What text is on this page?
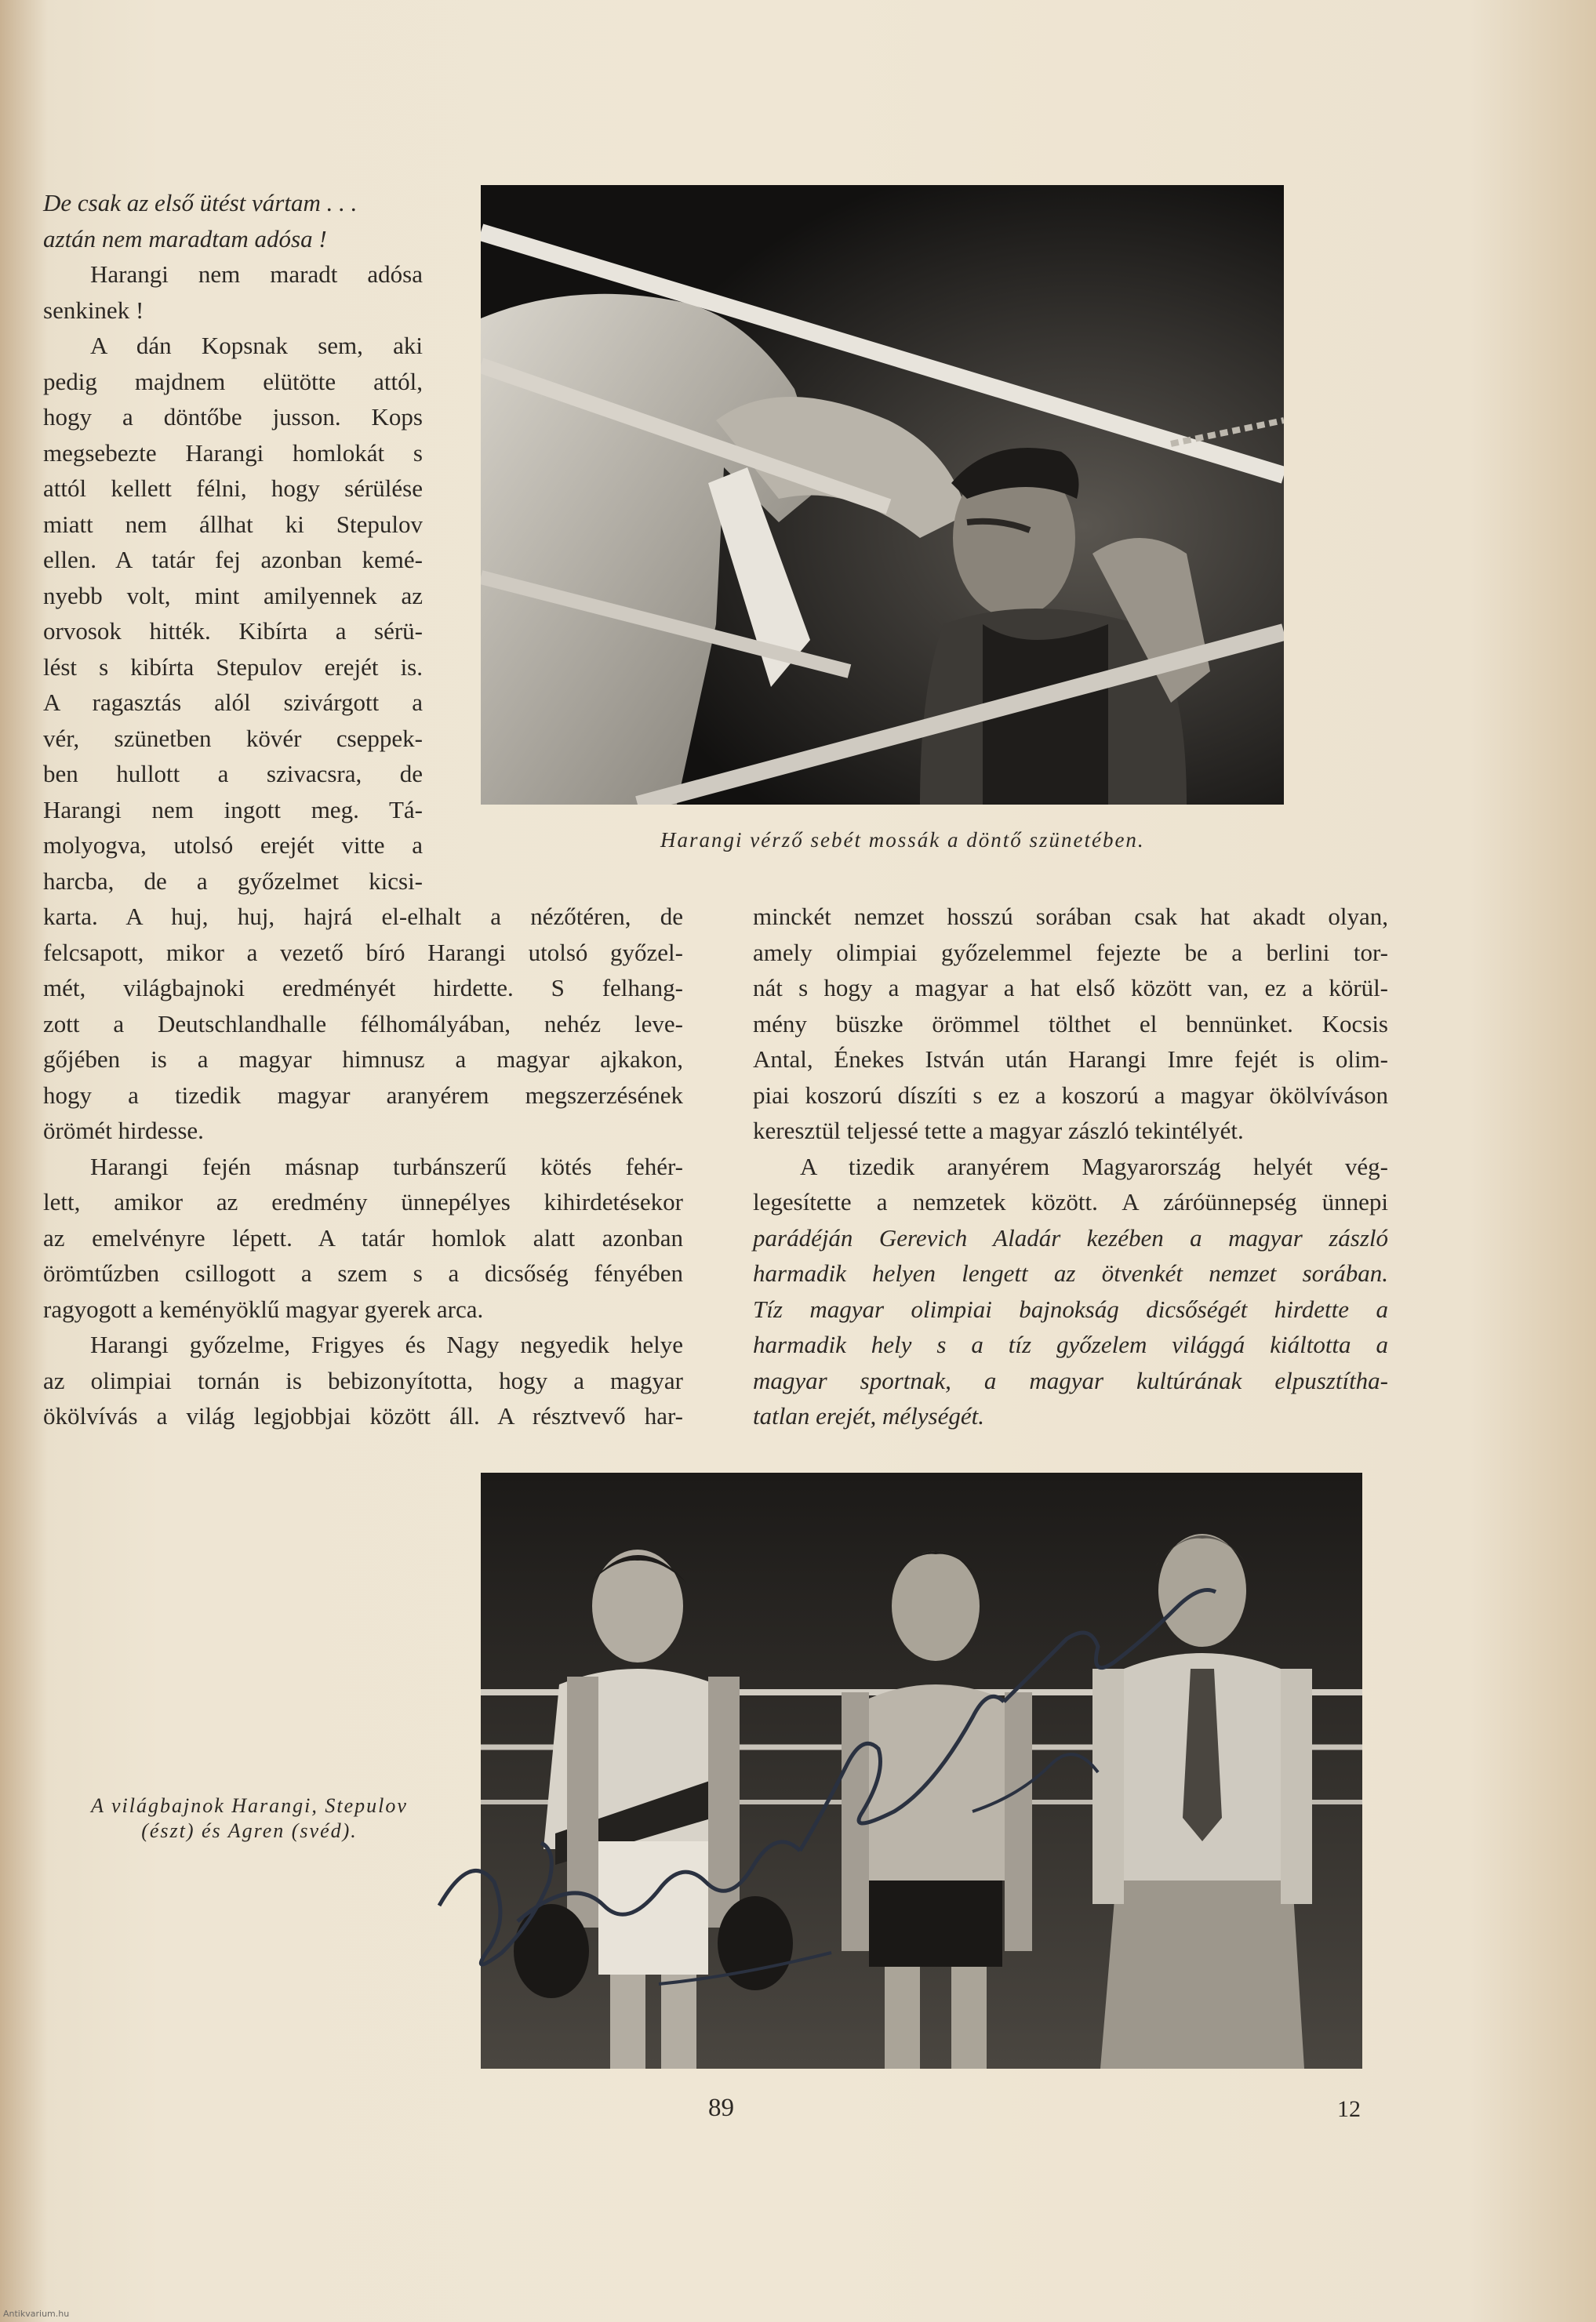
De csak az első ütést vártam . . .

aztán nem maradtam adósa !

Harangi nem maradt adósa

senkinek !

A dán Kopsnak sem, aki

pedig majdnem elütötte attól,

hogy a döntőbe jusson. Kops

megsebezte Harangi homlokát s

attól kellett félni, hogy sérülése

miatt nem állhat ki Stepulov

ellen. A tatár fej azonban kemé-

nyebb volt, mint amilyennek az

orvosok hitték. Kibírta a sérü-

lést s kibírta Stepulov erejét is.

A ragasztás alól szivárgott a

vér, szünetben kövér cseppek-

ben hullott a szivacsra, de

Harangi nem ingott meg. Tá-

molyogva, utolsó erejét vitte a

harcba, de a győzelmet kicsi-

Harangi vérző sebét mossák a döntő szünetében.

karta. A huj, huj, hajrá el-elhalt a nézőtéren, de

felcsapott, mikor a vezető bíró Harangi utolsó győzel-

mét, világbajnoki eredményét hirdette. S felhang-

zott a Deutschlandhalle félhomályában, nehéz leve-

gőjében is a magyar himnusz a magyar ajkakon,

hogy a tizedik magyar aranyérem megszerzésének

örömét hirdesse.

Harangi fején másnap turbánszerű kötés fehér-

lett, amikor az eredmény ünnepélyes kihirdetésekor

az emelvényre lépett. A tatár homlok alatt azonban

örömtűzben csillogott a szem s a dicsőség fényében

ragyogott a keményöklű magyar gyerek arca.

Harangi győzelme, Frigyes és Nagy negyedik helye

az olimpiai tornán is bebizonyította, hogy a magyar

ökölvívás a világ legjobbjai között áll. A résztvevő har-

minckét nemzet hosszú sorában csak hat akadt olyan,

amely olimpiai győzelemmel fejezte be a berlini tor-

nát s hogy a magyar a hat első között van, ez a körül-

mény büszke örömmel tölthet el bennünket. Kocsis

Antal, Énekes István után Harangi Imre fejét is olim-

piai koszorú díszíti s ez a koszorú a magyar ökölvíváson

keresztül teljessé tette a magyar zászló tekintélyét.

A tizedik aranyérem Magyarország helyét vég-

legesítette a nemzetek között. A záróünnepség ünnepi

parádéján Gerevich Aladár kezében a magyar zászló

harmadik helyen lengett az ötvenkét nemzet sorában.

Tíz magyar olimpiai bajnokság dicsőségét hirdette a

harmadik hely s a tíz győzelem világgá kiáltotta a

magyar sportnak, a magyar kultúrának elpusztítha-

tatlan erejét, mélységét.

A világbajnok Harangi, Stepulov

(észt) és Agren (svéd).

89	12

Antikvarium.hu
